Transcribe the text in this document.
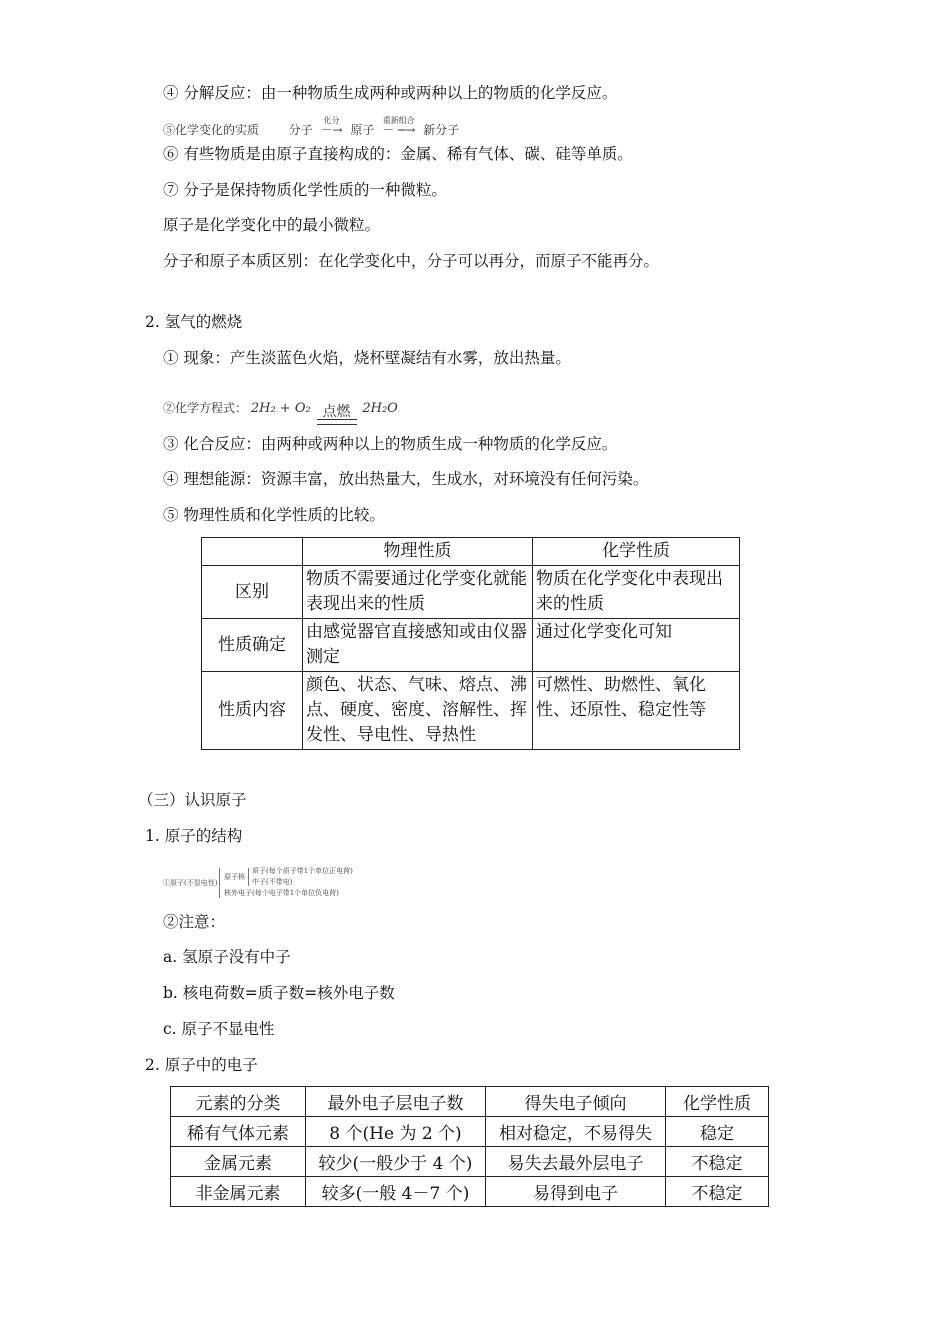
④ 分解反应：由一种物质生成两种或两种以上的物质的化学反应。
⑤化学变化的实质 分子 －
化分
→ 原子 － ─
重新组合
→ 新分子
⑥ 有些物质是由原子直接构成的：金属、稀有气体、碳、硅等单质。
⑦ 分子是保持物质化学性质的一种微粒。
原子是化学变化中的最小微粒。
分子和原子本质区别：在化学变化中，分子可以再分，而原子不能再分。
2. 氢气的燃烧
① 现象：产生淡蓝色火焰，烧杯壁凝结有水雾，放出热量。
②化学方程式： 2H₂ + O₂ 点燃 2H₂O
③ 化合反应：由两种或两种以上的物质生成一种物质的化学反应。
④ 理想能源：资源丰富，放出热量大，生成水，对环境没有任何污染。
⑤ 物理性质和化学性质的比较。
	物理性质	化学性质
区别	物质不需要通过化学变化就能表现出来的性质	物质在化学变化中表现出来的性质
性质确定	由感觉器官直接感知或由仪器测定	通过化学变化可知
性质内容	颜色、状态、气味、熔点、沸点、硬度、密度、溶解性、挥发性、导电性、导热性	可燃性、助燃性、氧化性、还原性、稳定性等
（三）认识原子
1. 原子的结构
①原子(不显电性)
原子核
质子(每个质子带1个单位正电荷)
中子(不带电)
核外电子(每个电子带1个单位负电荷)
②注意：
a. 氢原子没有中子
b. 核电荷数=质子数=核外电子数
c. 原子不显电性
2. 原子中的电子
元素的分类	最外电子层电子数	得失电子倾向	化学性质
稀有气体元素	8 个(He 为 2 个)	相对稳定，不易得失	稳定
金属元素	较少(一般少于 4 个)	易失去最外层电子	不稳定
非金属元素	较多(一般 4－7 个)	易得到电子	不稳定
